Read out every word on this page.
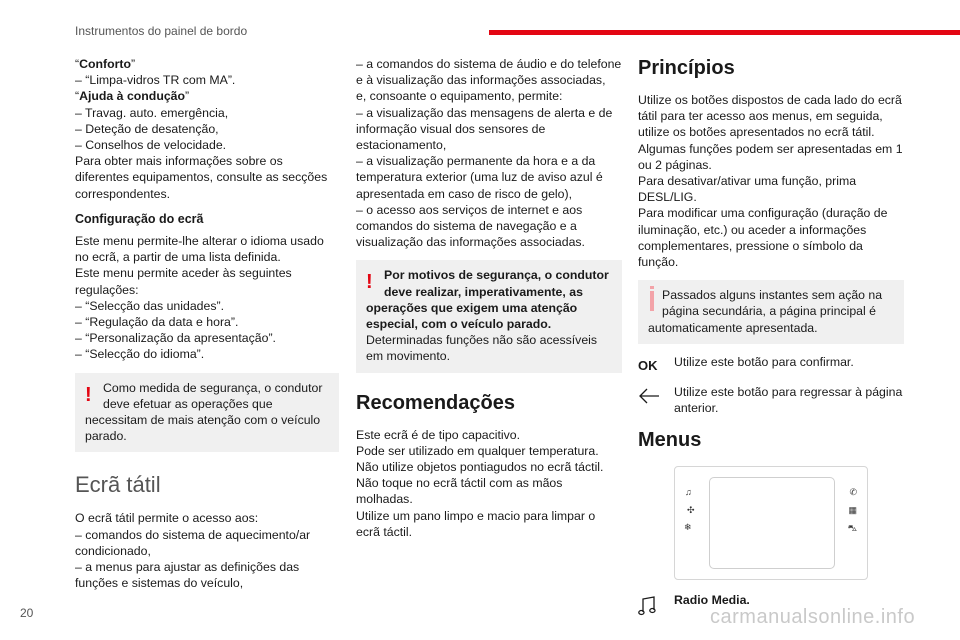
Instrumentos do painel de bordo

“Conforto”

– “Limpa-vidros TR com MA”.

“Ajuda à condução”

– Travag. auto. emergência,

– Deteção de desatenção,

– Conselhos de velocidade.

Para obter mais informações sobre os diferentes equipamentos, consulte as secções correspondentes.

Configuração do ecrã

Este menu permite-lhe alterar o idioma usado no ecrã, a partir de uma lista definida.

Este menu permite aceder às seguintes regulações:

– “Selecção das unidades”.

– “Regulação da data e hora”.

– “Personalização da apresentação”.

– “Selecção do idioma”.

! Como medida de segurança, o condutor deve efetuar as operações que necessitam de mais atenção com o veículo parado.
Ecrã tátil

O ecrã tátil permite o acesso aos:

– comandos do sistema de aquecimento/ar condicionado,

– a menus para ajustar as definições das funções e sistemas do veículo,

– a comandos do sistema de áudio e do telefone e à visualização das informações associadas,

e, consoante o equipamento, permite:

– a visualização das mensagens de alerta e de informação visual dos sensores de estacionamento,

– a visualização permanente da hora e a da temperatura exterior (uma luz de aviso azul é apresentada em caso de risco de gelo),

– o acesso aos serviços de internet e aos comandos do sistema de navegação e a visualização das informações associadas.

! Por motivos de segurança, o condutor deve realizar, imperativamente, as operações que exigem uma atenção especial, com o veículo parado.

Determinadas funções não são acessíveis em movimento.

Recomendações

Este ecrã é de tipo capacitivo.

Pode ser utilizado em qualquer temperatura.

Não utilize objetos pontiagudos no ecrã táctil.

Não toque no ecrã táctil com as mãos molhadas.

Utilize um pano limpo e macio para limpar o ecrã táctil.

Princípios

Utilize os botões dispostos de cada lado do ecrã tátil para ter acesso aos menus, em seguida, utilize os botões apresentados no ecrã tátil.

Algumas funções podem ser apresentadas em 1 ou 2 páginas.

Para desativar/ativar uma função, prima DESL/LIG.

Para modificar uma configuração (duração de iluminação, etc.) ou aceder a informações complementares, pressione o símbolo da função.

Passados alguns instantes sem ação na página secundária, a página principal é automaticamente apresentada.
OK Utilize este botão para confirmar.

Utilize este botão para regressar à página anterior.

Menus
♫
✣
❄
✆
▦
⛍

Radio Media.

20	carmanualsonline.info
